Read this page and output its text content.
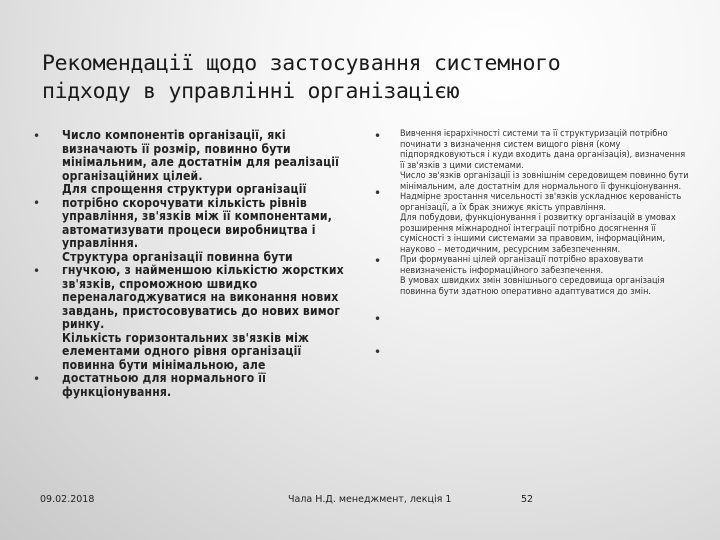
Рекомендації щодо застосування системного
підходу в управлінні організацією
•
•
•
•

Число компонентів організації, які визначають її розмір, повинно бути мінімальним, але достатнім для реалізації організаційних цілей.

Для спрощення структури організації потрібно скорочувати кількість рівнів управління, зв'язків між її компонентами, автоматизувати процеси виробництва і управління.

Структура організації повинна бути гнучкою, з найменшою кількістю жорстких зв'язків, спроможною швидко переналагоджуватися на виконання нових завдань, пристосовуватись до нових вимог ринку.

Кількість горизонтальних зв'язків між елементами одного рівня організації повинна бути мінімальною, але достатньою для нормального її функціонування.

•
•
•
•
•

Вивчення ієрархічності системи та її структуризацій потрібно починати з визначення систем вищого рівня (кому підпорядковуються і куди входить дана організація), визначення її зв'язків з цими системами.

Число зв'язків організації із зовнішнім середовищем повинно бути мінімальним, але достатнім для нормального її функціонування. Надмірне зростання чисельності зв'язків ускладнює керованість організації, а їх брак знижує якість управління.

Для побудови, функціонування і розвитку організацій в умовах розширення міжнародної інтеграції потрібно досягнення її сумісності з іншими системами за правовим, інформаційним, науково – методичним, ресурсним забезпеченням.

При формуванні цілей організації потрібно враховувати невизначеність інформаційного забезпечення.

В умовах швидких змін зовнішнього середовища організація повинна бути здатною оперативно адаптуватися до змін.

09.02.2018	Чала Н.Д. менеджмент, лекція 1	52
